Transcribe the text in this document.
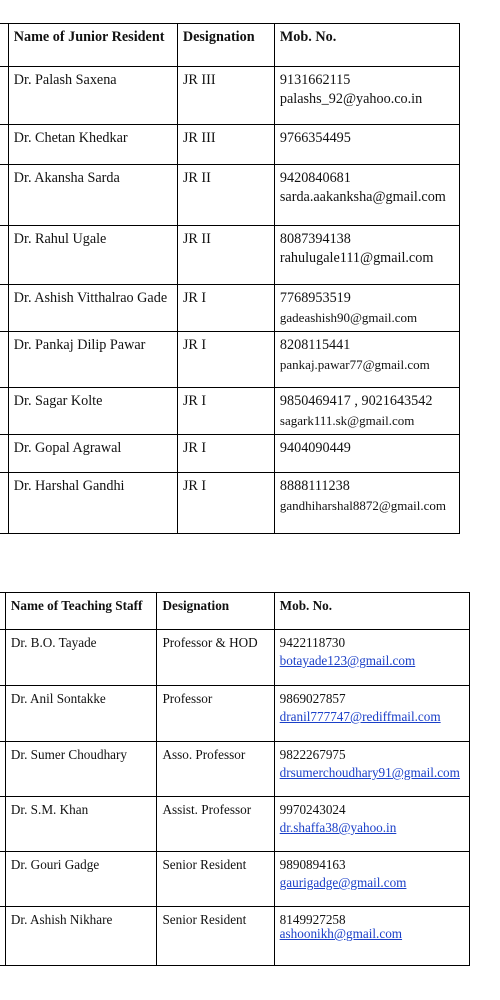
	Name of Junior Resident	Designation	Mob. No.
	Dr. Palash Saxena	JR III	9131662115
palashs_92@yahoo.co.in

	Dr. Chetan Khedkar	JR III	9766354495

	Dr. Akansha Sarda	JR II	9420840681
sarda.aakanksha@gmail.com

	Dr. Rahul Ugale	JR II	8087394138
rahulugale111@gmail.com

	Dr. Ashish Vitthalrao Gade	JR I	7768953519
gadeashish90@gmail.com

	Dr. Pankaj Dilip Pawar	JR I	8208115441
pankaj.pawar77@gmail.com

	Dr. Sagar Kolte	JR I	9850469417 , 9021643542
sagark111.sk@gmail.com

	Dr. Gopal Agrawal	JR I	9404090449

	Dr. Harshal Gandhi	JR I	8888111238
gandhiharshal8872@gmail.com
	Name of Teaching Staff	Designation	Mob. No.
	Dr. B.O. Tayade	Professor & HOD	9422118730
botayade123@gmail.com

	Dr. Anil Sontakke	Professor	9869027857
dranil777747@rediffmail.com

	Dr. Sumer Choudhary	Asso. Professor	9822267975
drsumerchoudhary91@gmail.com

	Dr. S.M. Khan	Assist. Professor	9970243024
dr.shaffa38@yahoo.in

	Dr. Gouri Gadge	Senior Resident	9890894163
gaurigadge@gmail.com

	Dr. Ashish Nikhare	Senior Resident	8149927258
ashoonikh@gmail.com
